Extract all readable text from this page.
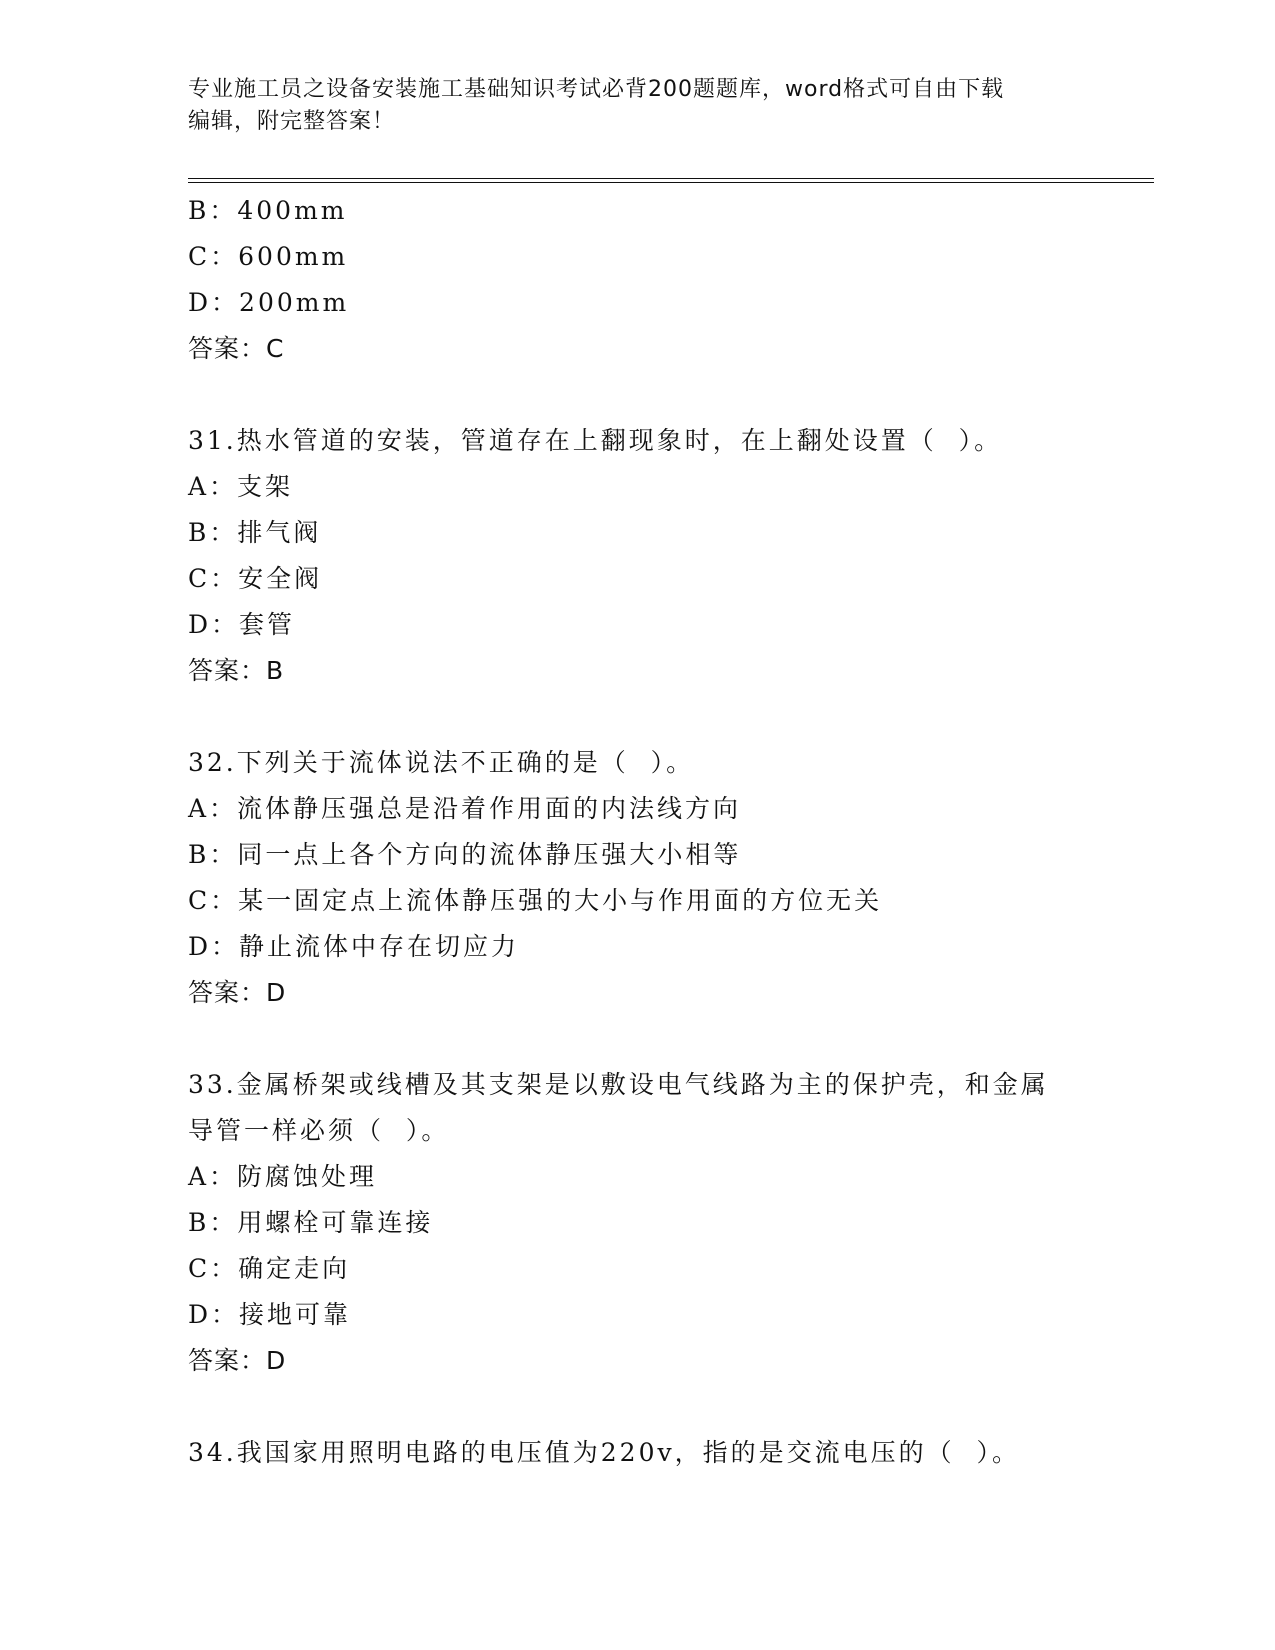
专业施工员之设备安装施工基础知识考试必背200题题库，word格式可自由下载
编辑，附完整答案！
B：400mm
C：600mm
D：200mm
答案：C
31.热水管道的安装，管道存在上翻现象时，在上翻处设置（  ）。
A：支架
B：排气阀
C：安全阀
D：套管
答案：B
32.下列关于流体说法不正确的是（  ）。
A：流体静压强总是沿着作用面的内法线方向
B：同一点上各个方向的流体静压强大小相等
C：某一固定点上流体静压强的大小与作用面的方位无关
D：静止流体中存在切应力
答案：D
33.金属桥架或线槽及其支架是以敷设电气线路为主的保护壳，和金属
导管一样必须（  ）。
A：防腐蚀处理
B：用螺栓可靠连接
C：确定走向
D：接地可靠
答案：D
34.我国家用照明电路的电压值为220v，指的是交流电压的（  ）。
